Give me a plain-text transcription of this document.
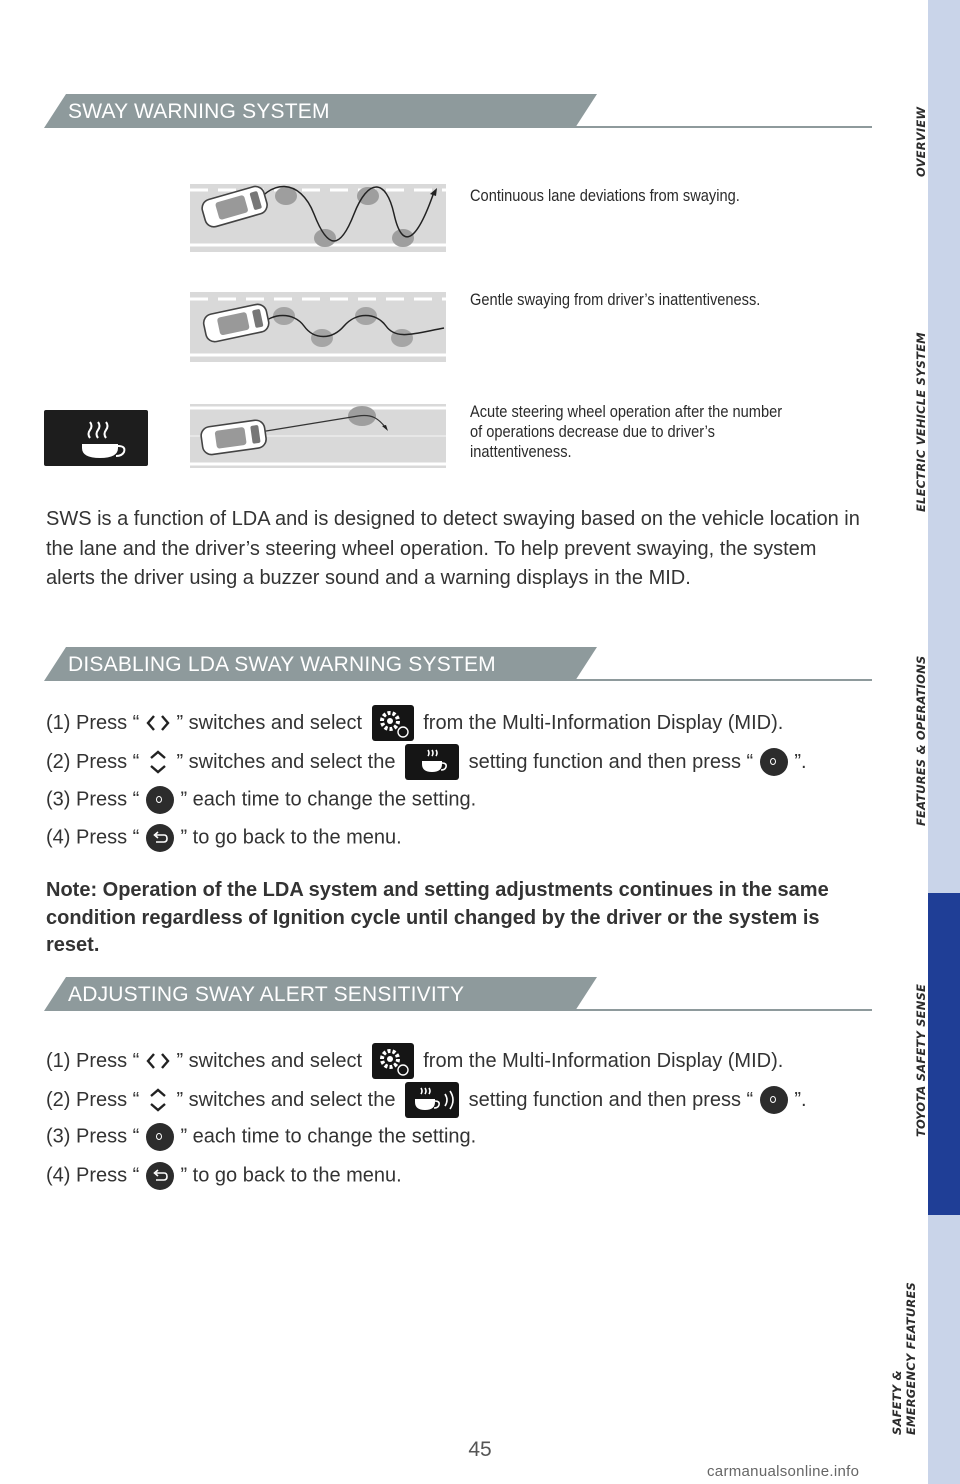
OVERVIEW
ELECTRIC VEHICLE SYSTEM
FEATURES & OPERATIONS
TOYOTA SAFETY SENSE
SAFETY & EMERGENCY FEATURES
SWAY WARNING SYSTEM
Continuous lane deviations from swaying.
Gentle swaying from driver’s inattentiveness.
Acute steering wheel operation after the number of operations decrease due to driver’s inattentiveness.
SWS is a function of LDA and is designed to detect swaying based on the vehicle location in the lane and the driver’s steering wheel operation. To help prevent swaying, the system alerts the driver using a buzzer sound and a warning displays in the MID.
DISABLING LDA SWAY WARNING SYSTEM
(1) Press “ ” switches and select	from the Multi-Information Display (MID).
(2) Press “ ” switches and select the	setting function and then press “ ”.
(3) Press “ ” each time to change the setting.
(4) Press “ ” to go back to the menu.
Note: Operation of the LDA system and setting adjustments continues in the same condition regardless of Ignition cycle until changed by the driver or the system is reset.
ADJUSTING SWAY ALERT SENSITIVITY
(1) Press “ ” switches and select	from the Multi-Information Display (MID).
(2) Press “ ” switches and select the	setting function and then press “ ”.
(3) Press “ ” each time to change the setting.
(4) Press “ ” to go back to the menu.
45
carmanualsonline.info
